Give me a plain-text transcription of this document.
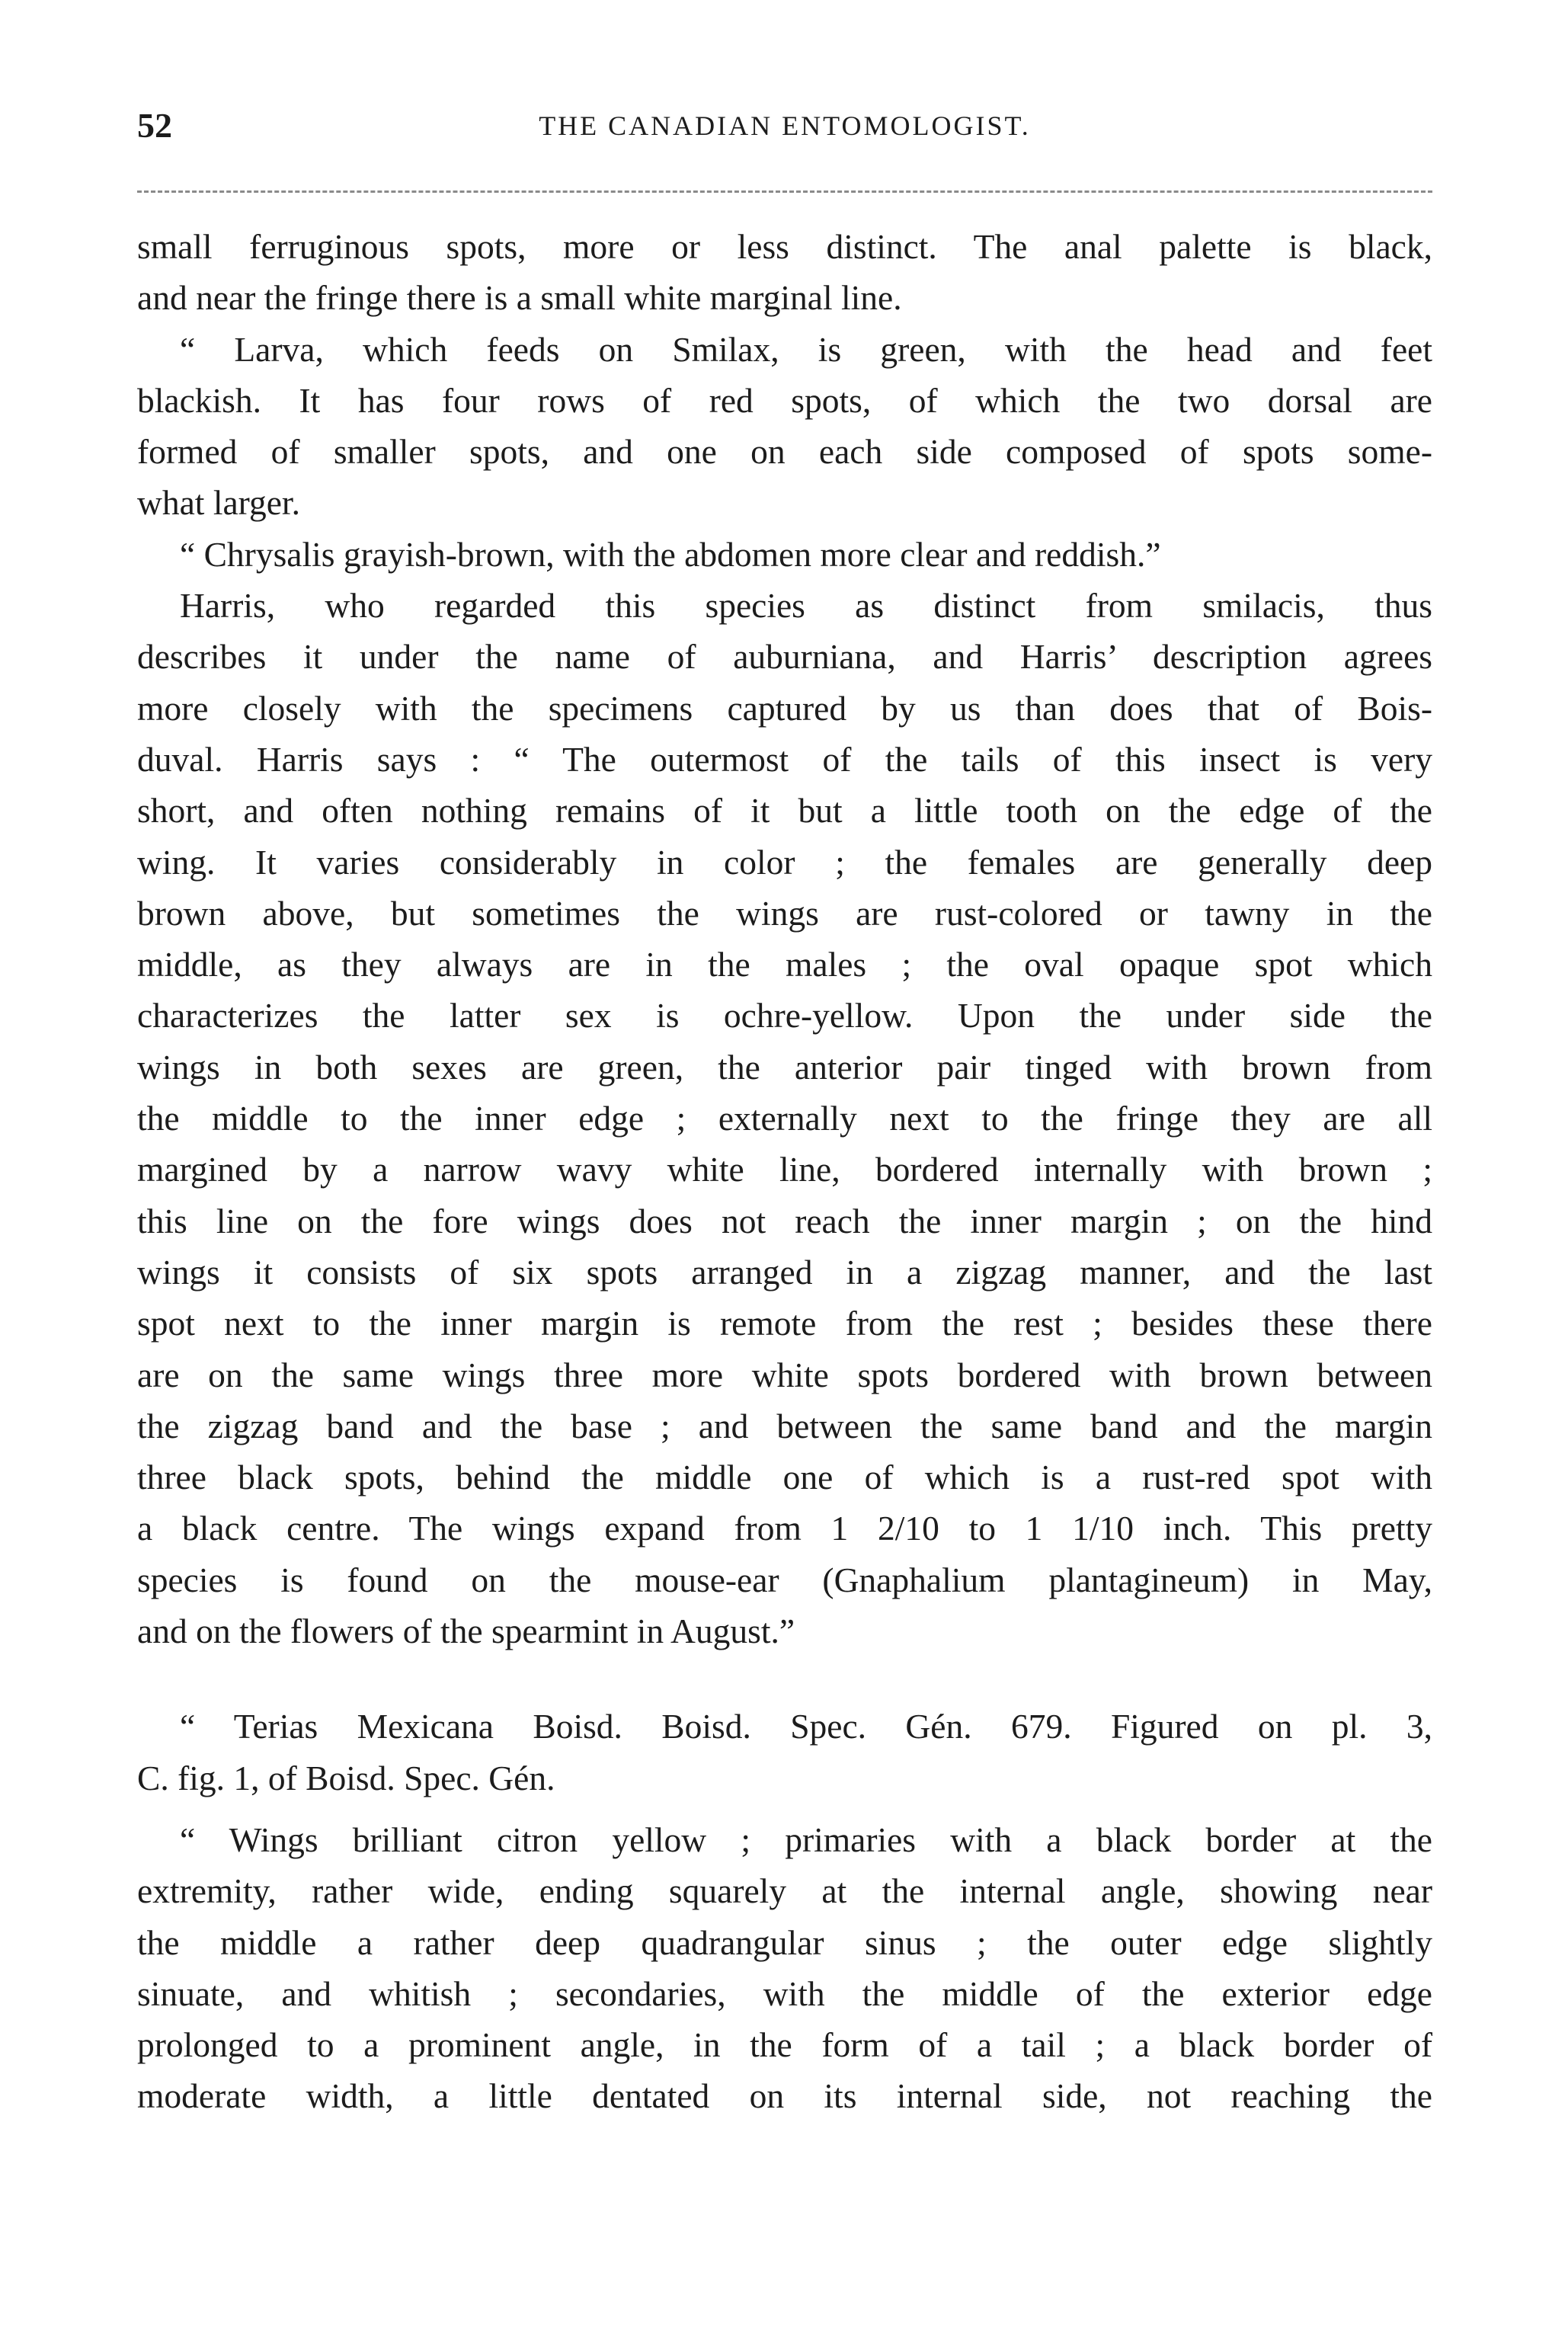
52	THE CANADIAN ENTOMOLOGIST.
small ferruginous spots, more or less distinct. The anal palette is black,
and near the fringe there is a small white marginal line.
“ Larva, which feeds on Smilax, is green, with the head and feet
blackish. It has four rows of red spots, of which the two dorsal are
formed of smaller spots, and one on each side composed of spots some-
what larger.
“ Chrysalis grayish-brown, with the abdomen more clear and reddish.”
Harris, who regarded this species as distinct from smilacis, thus
describes it under the name of auburniana, and Harris’ description agrees
more closely with the specimens captured by us than does that of Bois-
duval. Harris says : “ The outermost of the tails of this insect is very
short, and often nothing remains of it but a little tooth on the edge of the
wing. It varies considerably in color ; the females are generally deep
brown above, but sometimes the wings are rust-colored or tawny in the
middle, as they always are in the males ; the oval opaque spot which
characterizes the latter sex is ochre-yellow. Upon the under side the
wings in both sexes are green, the anterior pair tinged with brown from
the middle to the inner edge ; externally next to the fringe they are all
margined by a narrow wavy white line, bordered internally with brown ;
this line on the fore wings does not reach the inner margin ; on the hind
wings it consists of six spots arranged in a zigzag manner, and the last
spot next to the inner margin is remote from the rest ; besides these there
are on the same wings three more white spots bordered with brown between
the zigzag band and the base ; and between the same band and the margin
three black spots, behind the middle one of which is a rust-red spot with
a black centre. The wings expand from 1 2/10 to 1 1/10 inch. This pretty
species is found on the mouse-ear (Gnaphalium plantagineum) in May,
and on the flowers of the spearmint in August.”
“ Terias Mexicana Boisd. Boisd. Spec. Gén. 679. Figured on pl. 3,
C. fig. 1, of Boisd. Spec. Gén.
“ Wings brilliant citron yellow ; primaries with a black border at the
extremity, rather wide, ending squarely at the internal angle, showing near
the middle a rather deep quadrangular sinus ; the outer edge slightly
sinuate, and whitish ; secondaries, with the middle of the exterior edge
prolonged to a prominent angle, in the form of a tail ; a black border of
moderate width, a little dentated on its internal side, not reaching the
